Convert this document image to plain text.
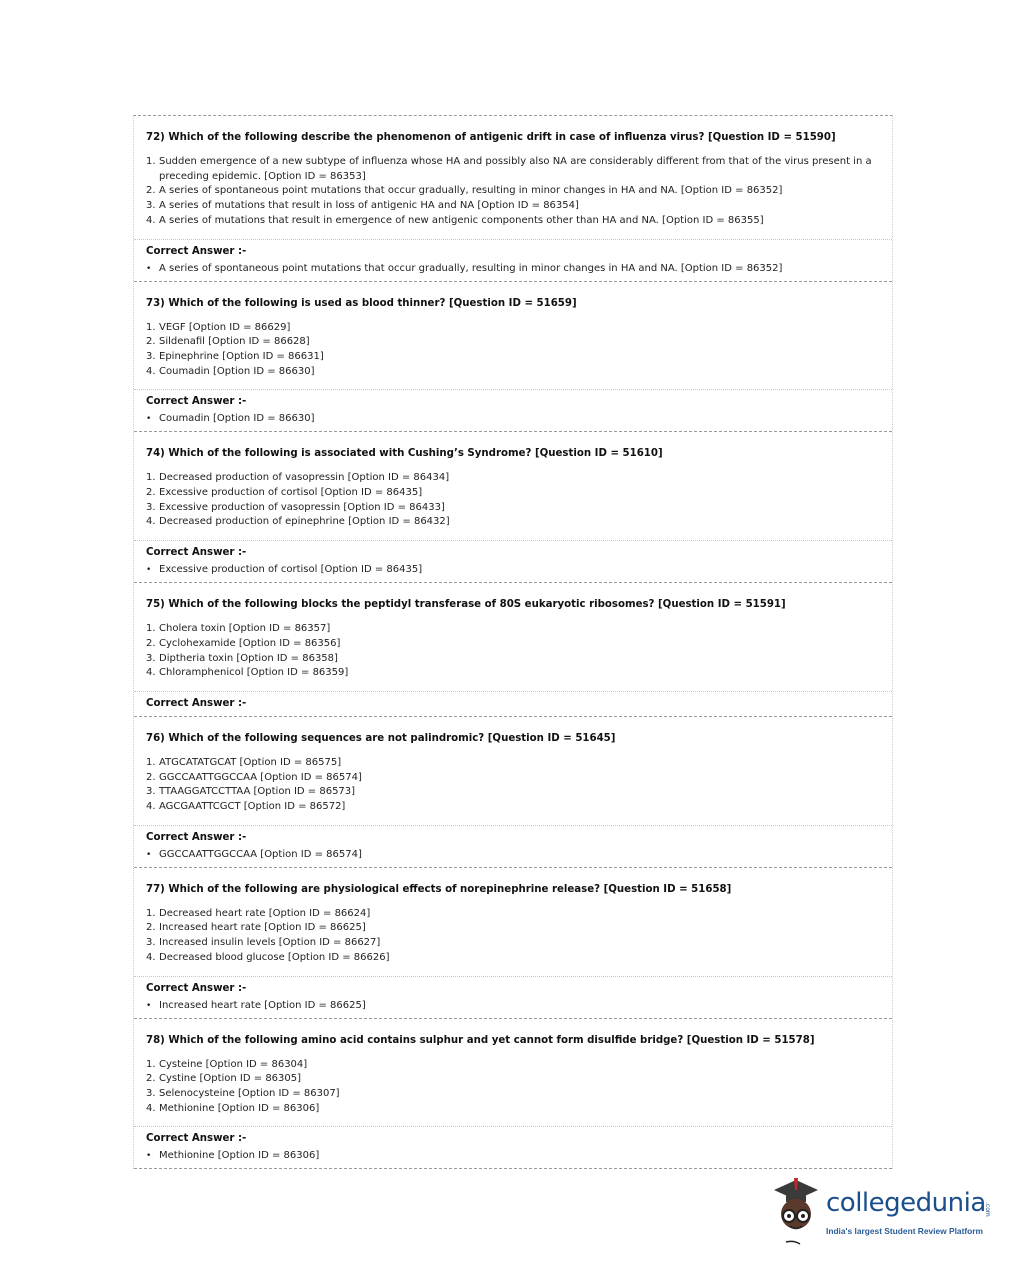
72) Which of the following describe the phenomenon of antigenic drift in case of influenza virus? [Question ID = 51590]
1. Sudden emergence of a new subtype of influenza whose HA and possibly also NA are considerably different from that of the virus present in a preceding epidemic. [Option ID = 86353]
2. A series of spontaneous point mutations that occur gradually, resulting in minor changes in HA and NA. [Option ID = 86352]
3. A series of mutations that result in loss of antigenic HA and NA [Option ID = 86354]
4. A series of mutations that result in emergence of new antigenic components other than HA and NA. [Option ID = 86355]
Correct Answer :-
• A series of spontaneous point mutations that occur gradually, resulting in minor changes in HA and NA. [Option ID = 86352]
73) Which of the following is used as blood thinner? [Question ID = 51659]
1. VEGF [Option ID = 86629]
2. Sildenafil [Option ID = 86628]
3. Epinephrine [Option ID = 86631]
4. Coumadin [Option ID = 86630]
Correct Answer :-
• Coumadin [Option ID = 86630]
74) Which of the following is associated with Cushing’s Syndrome? [Question ID = 51610]
1. Decreased production of vasopressin [Option ID = 86434]
2. Excessive production of cortisol [Option ID = 86435]
3. Excessive production of vasopressin [Option ID = 86433]
4. Decreased production of epinephrine [Option ID = 86432]
Correct Answer :-
• Excessive production of cortisol [Option ID = 86435]
75) Which of the following blocks the peptidyl transferase of 80S eukaryotic ribosomes? [Question ID = 51591]
1. Cholera toxin [Option ID = 86357]
2. Cyclohexamide [Option ID = 86356]
3. Diptheria toxin [Option ID = 86358]
4. Chloramphenicol [Option ID = 86359]
Correct Answer :-
76) Which of the following sequences are not palindromic? [Question ID = 51645]
1. ATGCATATGCAT [Option ID = 86575]
2. GGCCAATTGGCCAA [Option ID = 86574]
3. TTAAGGATCCTTAA [Option ID = 86573]
4. AGCGAATTCGCT [Option ID = 86572]
Correct Answer :-
• GGCCAATTGGCCAA [Option ID = 86574]
77) Which of the following are physiological effects of norepinephrine release? [Question ID = 51658]
1. Decreased heart rate [Option ID = 86624]
2. Increased heart rate [Option ID = 86625]
3. Increased insulin levels [Option ID = 86627]
4. Decreased blood glucose [Option ID = 86626]
Correct Answer :-
• Increased heart rate [Option ID = 86625]
78) Which of the following amino acid contains sulphur and yet cannot form disulfide bridge? [Question ID = 51578]
1. Cysteine [Option ID = 86304]
2. Cystine [Option ID = 86305]
3. Selenocysteine [Option ID = 86307]
4. Methionine [Option ID = 86306]
Correct Answer :-
• Methionine [Option ID = 86306]
collegedunia
.com
India's largest Student Review Platform
